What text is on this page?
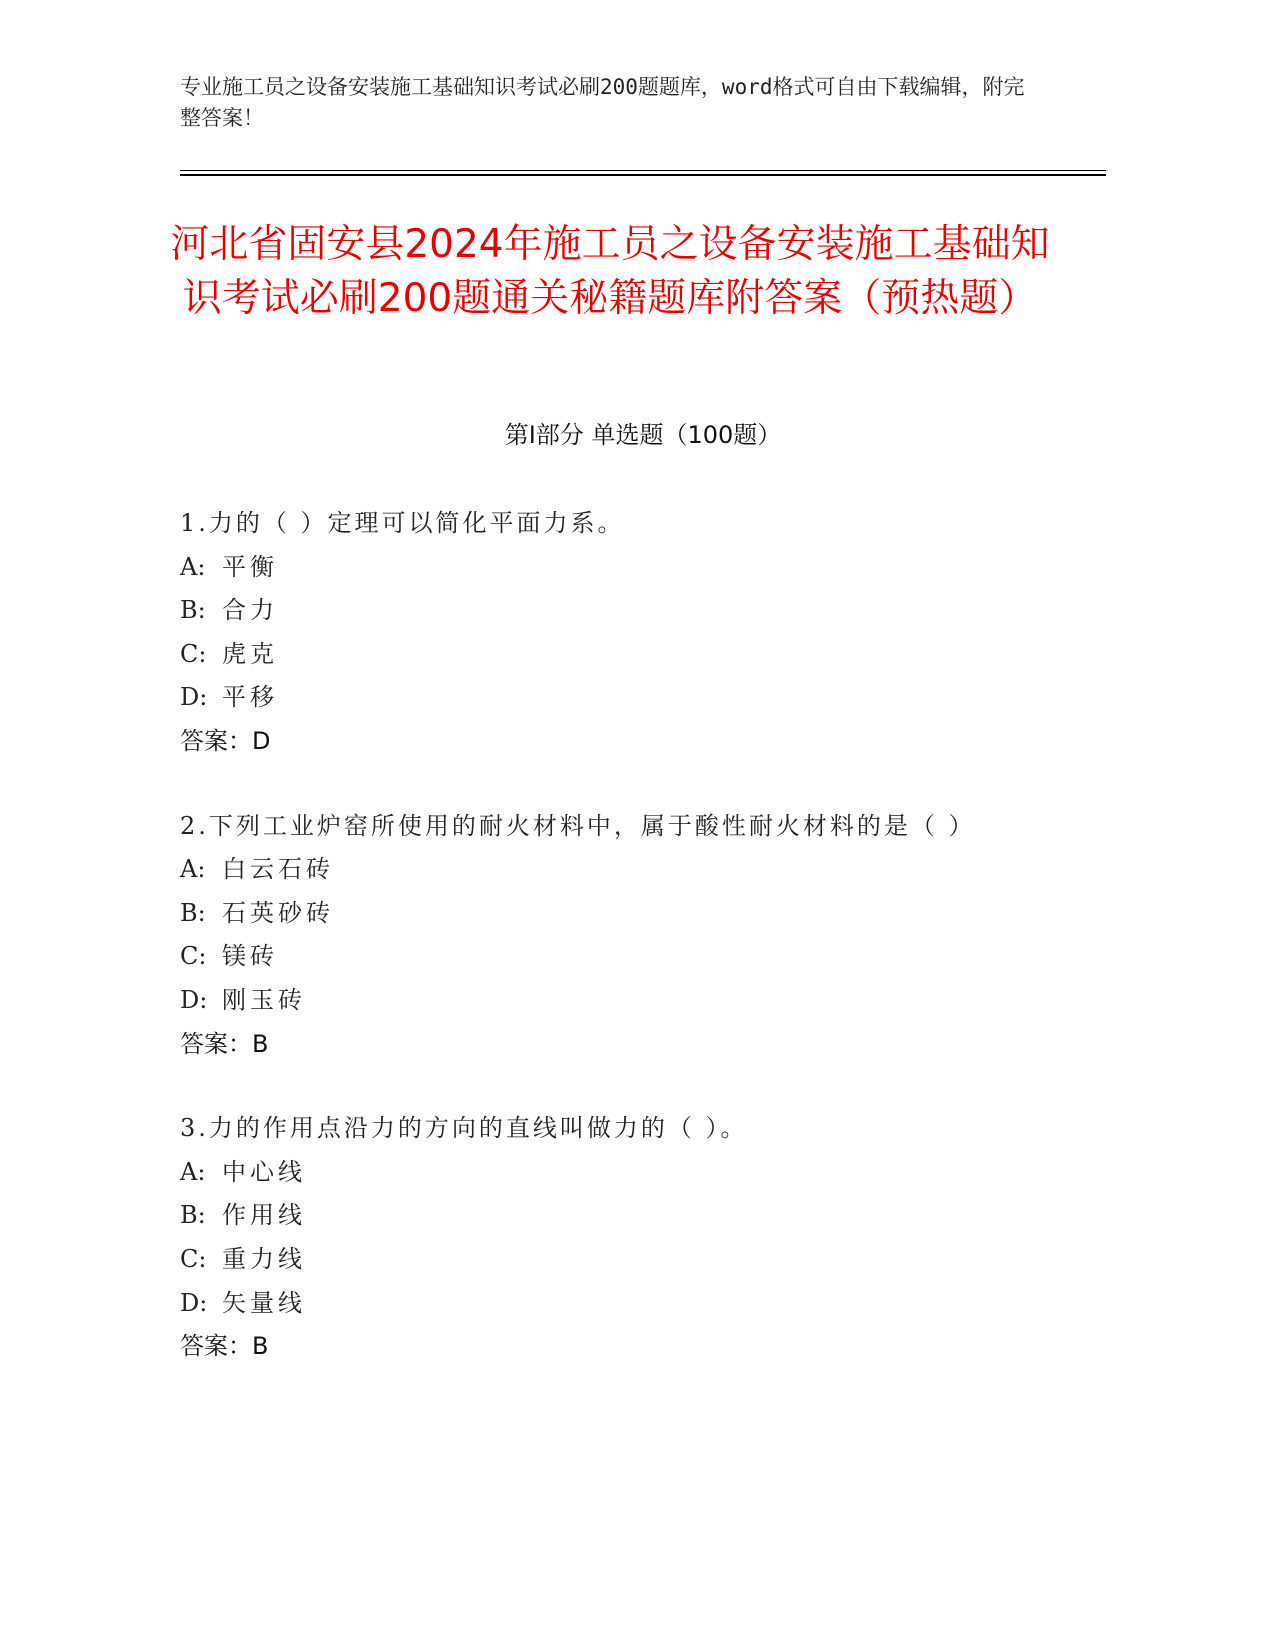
专业施工员之设备安装施工基础知识考试必刷200题题库，word格式可自由下载编辑，附完整答案！
河北省固安县2024年施工员之设备安装施工基础知识考试必刷200题通关秘籍题库附答案（预热题）
第Ⅰ部分 单选题（100题）
1.力的（ ）定理可以简化平面力系。
A: 平衡
B: 合力
C: 虎克
D: 平移
答案：D
2.下列工业炉窑所使用的耐火材料中，属于酸性耐火材料的是（ ）
A: 白云石砖
B: 石英砂砖
C: 镁砖
D: 刚玉砖
答案：B
3.力的作用点沿力的方向的直线叫做力的（ ）。
A: 中心线
B: 作用线
C: 重力线
D: 矢量线
答案：B
